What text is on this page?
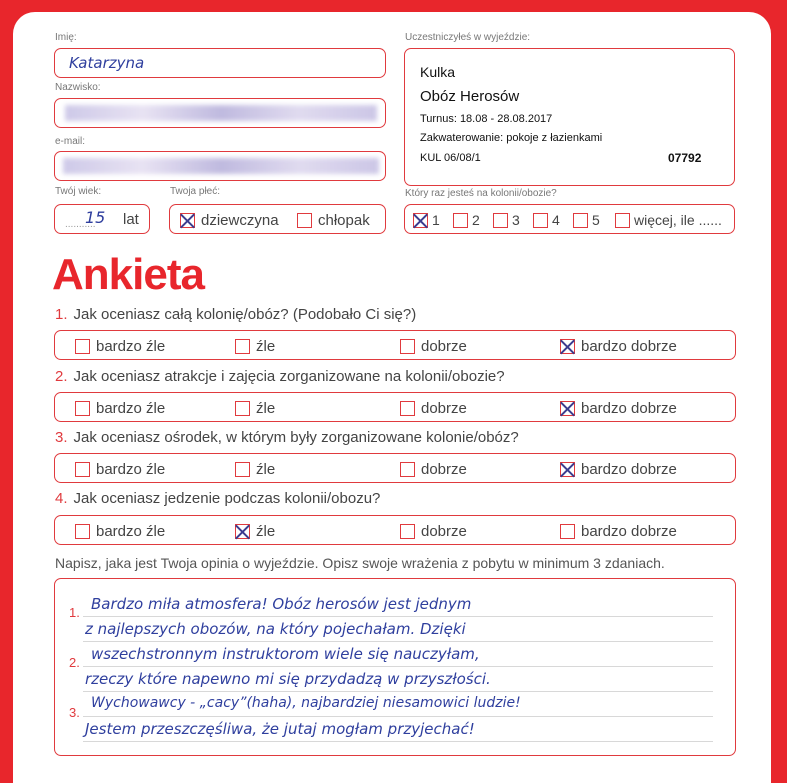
Imię:
Katarzyna
Nazwisko:
e-mail:
Twój wiek:
...........
15 lat
Twoja płeć:
dziewczyna	chłopak
Uczestniczyłeś w wyjeździe:
Kulka
Obóz Herosów
Turnus: 18.08 - 28.08.2017
Zakwaterowanie: pokoje z łazienkami
KUL 06/08/1	07792
Który raz jesteś na kolonii/obozie?
1 2 3 4 5 więcej, ile ......
Ankieta
1. Jak oceniasz całą kolonię/obóz? (Podobało Ci się?)
bardzo źle	źle	dobrze	bardzo dobrze
2. Jak oceniasz atrakcje i zajęcia zorganizowane na kolonii/obozie?
bardzo źle	źle	dobrze	bardzo dobrze
3. Jak oceniasz ośrodek, w którym były zorganizowane kolonie/obóz?
bardzo źle	źle	dobrze	bardzo dobrze
4. Jak oceniasz jedzenie podczas kolonii/obozu?
bardzo źle	źle	dobrze	bardzo dobrze
Napisz, jaka jest Twoja opinia o wyjeździe. Opisz swoje wrażenia z pobytu w minimum 3 zdaniach.
1.
2.
3.
Bardzo miła atmosfera! Obóz herosów jest jednym
z najlepszych obozów, na który pojechałam. Dzięki
wszechstronnym instruktorom wiele się nauczyłam,
rzeczy które napewno mi się przydadzą w przyszłości.
Wychowawcy - „cacy”(haha), najbardziej niesamowici ludzie!
Jestem przeszczęśliwa, że jutaj mogłam przyjechać!
